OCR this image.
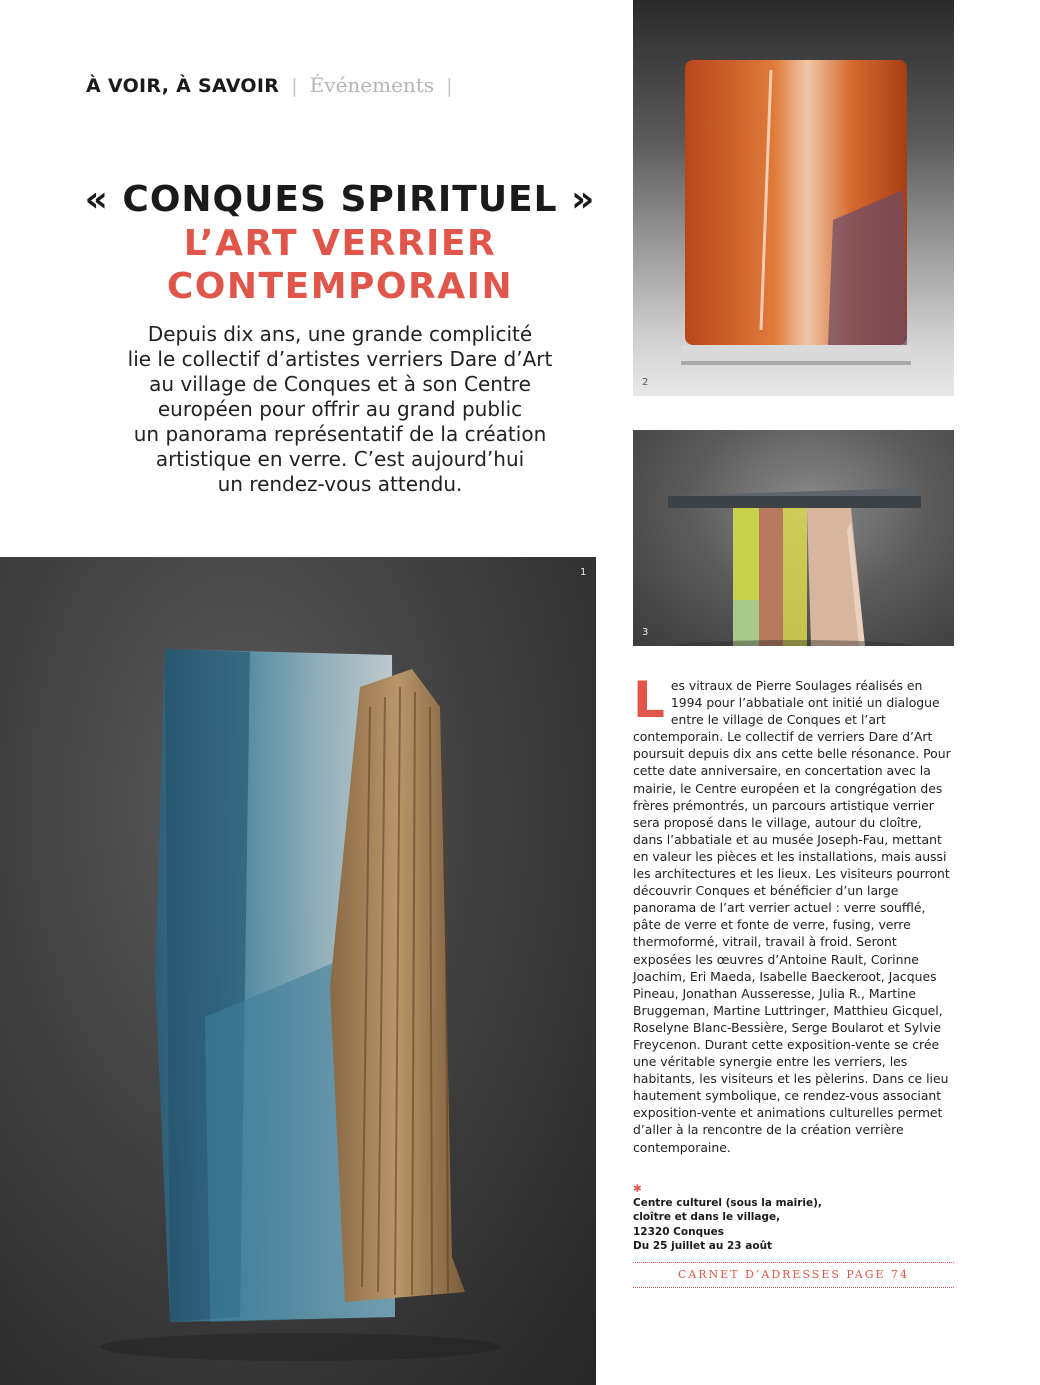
À VOIR, À SAVOIR | Événements |
« CONQUES SPIRITUEL »
L’ART VERRIER
CONTEMPORAIN
Depuis dix ans, une grande complicité
lie le collectif d’artistes verriers Dare d’Art
au village de Conques et à son Centre
européen pour offrir au grand public
un panorama représentatif de la création
artistique en verre. C’est aujourd’hui
un rendez-vous attendu.
1
2
3
L es vitraux de Pierre Soulages réalisés en 1994 pour l’abbatiale ont initié un dialogue entre le village de Conques et l’art contemporain. Le collectif de verriers Dare d’Art poursuit depuis dix ans cette belle résonance. Pour cette date anniversaire, en concertation avec la mairie, le Centre européen et la congrégation des frères prémontrés, un parcours artistique verrier sera proposé dans le village, autour du cloître, dans l’abbatiale et au musée Joseph-Fau, mettant en valeur les pièces et les installations, mais aussi les architectures et les lieux. Les visiteurs pourront découvrir Conques et bénéficier d’un large panorama de l’art verrier actuel : verre soufflé, pâte de verre et fonte de verre, fusing, verre thermoformé, vitrail, travail à froid. Seront exposées les œuvres d’Antoine Rault, Corinne Joachim, Eri Maeda, Isabelle Baeckeroot, Jacques Pineau, Jonathan Ausseresse, Julia R., Martine Bruggeman, Martine Luttringer, Matthieu Gicquel, Roselyne Blanc-Bessière, Serge Boularot et Sylvie Freycenon. Durant cette exposition-vente se crée une véritable synergie entre les verriers, les habitants, les visiteurs et les pèlerins. Dans ce lieu hautement symbolique, ce rendez-vous associant exposition-vente et animations culturelles permet d’aller à la rencontre de la création verrière contemporaine.
✱
Centre culturel (sous la mairie),
cloître et dans le village,
12320 Conques
Du 25 juillet au 23 août
CARNET D’ADRESSES PAGE 74
